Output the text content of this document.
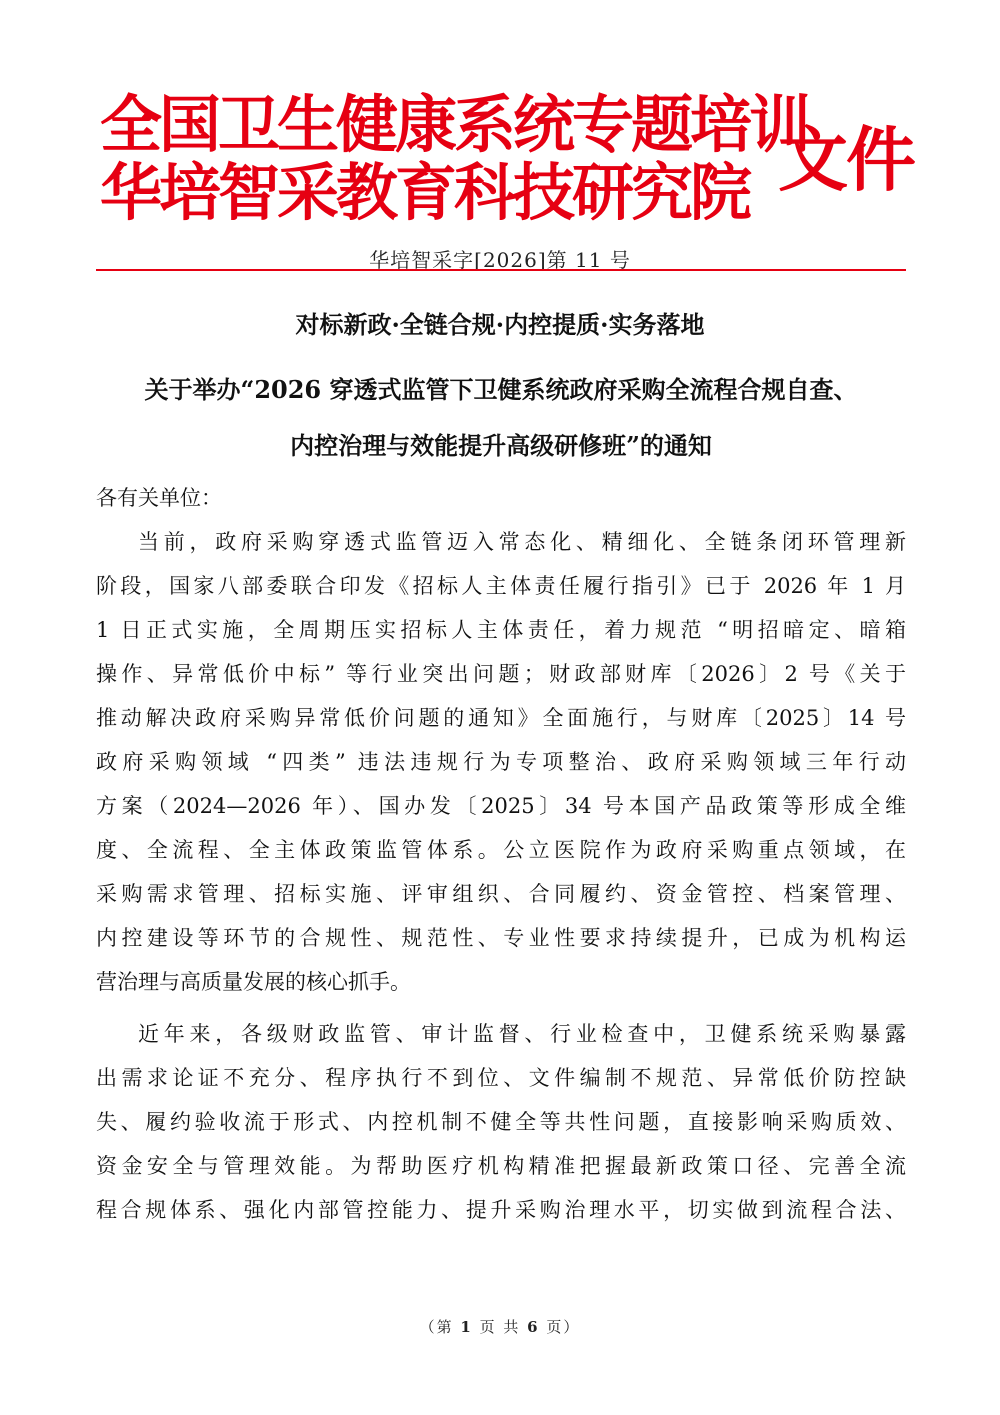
全国卫生健康系统专题培训
华培智采教育科技研究院 文件
华培智采字[2026]第 11 号
对标新政·全链合规·内控提质·实务落地
关于举办“2026 穿透式监管下卫健系统政府采购全流程合规自查、
内控治理与效能提升高级研修班”的通知
各有关单位：
当前，政府采购穿透式监管迈入常态化、精细化、全链条闭环管理新
阶段，国家八部委联合印发《招标人主体责任履行指引》已于 2026 年 1 月
1 日正式实施，全周期压实招标人主体责任，着力规范 “明招暗定、暗箱
操作、异常低价中标” 等行业突出问题；财政部财库〔2026〕2 号《关于
推动解决政府采购异常低价问题的通知》全面施行，与财库〔2025〕14 号
政府采购领域 “四类” 违法违规行为专项整治、政府采购领域三年行动
方案（2024—2026 年）、国办发〔2025〕34 号本国产品政策等形成全维
度、全流程、全主体政策监管体系。公立医院作为政府采购重点领域，在
采购需求管理、招标实施、评审组织、合同履约、资金管控、档案管理、
内控建设等环节的合规性、规范性、专业性要求持续提升，已成为机构运
营治理与高质量发展的核心抓手。
近年来，各级财政监管、审计监督、行业检查中，卫健系统采购暴露
出需求论证不充分、程序执行不到位、文件编制不规范、异常低价防控缺
失、履约验收流于形式、内控机制不健全等共性问题，直接影响采购质效、
资金安全与管理效能。为帮助医疗机构精准把握最新政策口径、完善全流
程合规体系、强化内部管控能力、提升采购治理水平，切实做到流程合法、
（第 1 页 共 6 页）
